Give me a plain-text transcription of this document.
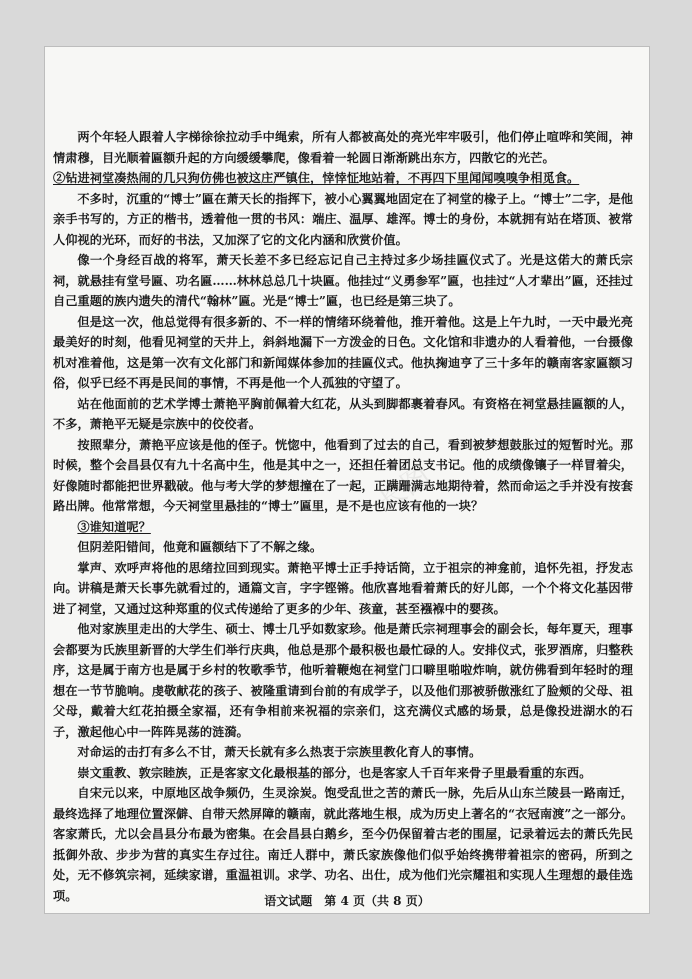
两个年轻人跟着人字梯徐徐拉动手中绳索，所有人都被高处的亮光牢牢吸引，他们停止喧哗和笑闹，神情肃穆，目光顺着匾额升起的方向缓缓攀爬，像看着一轮圆日渐渐跳出东方，四散它的光芒。

②钻进祠堂凑热闹的几只狗仿佛也被这庄严镇住，悻悻怔地站着，不再四下里闻闻嗅嗅争相觅食。

不多时，沉重的“博士”匾在萧天长的指挥下，被小心翼翼地固定在了祠堂的椽子上。“博士”二字，是他亲手书写的，方正的楷书，透着他一贯的书风：端庄、温厚、雄浑。博士的身份，本就拥有站在塔顶、被常人仰视的光环，而好的书法，又加深了它的文化内涵和欣赏价值。

像一个身经百战的将军，萧天长差不多已经忘记自己主持过多少场挂匾仪式了。光是这偌大的萧氏宗祠，就悬挂有堂号匾、功名匾……林林总总几十块匾。他挂过“义勇参军”匾，也挂过“人才辈出”匾，还挂过自己重题的族内遗失的清代“翰林”匾。光是“博士”匾，也已经是第三块了。

但是这一次，他总觉得有很多新的、不一样的情绪环绕着他，推开着他。这是上午九时，一天中最光亮最美好的时刻，他看见祠堂的天井上，斜斜地漏下一方泼金的日色。文化馆和非遗办的人看着他，一台摄像机对准着他，这是第一次有文化部门和新闻媒体参加的挂匾仪式。他执掬迪亨了三十多年的赣南客家匾额习俗，似乎已经不再是民间的事情，不再是他一个人孤独的守望了。

站在他面前的艺术学博士萧艳平胸前佩着大红花，从头到脚都裹着春风。有资格在祠堂悬挂匾额的人，不多，萧艳平无疑是宗族中的佼佼者。

按照辈分，萧艳平应该是他的侄子。恍惚中，他看到了过去的自己，看到被梦想鼓胀过的短暂时光。那时候，整个会昌县仅有九十名高中生，他是其中之一，还担任着团总支书记。他的成绩像镶子一样冒着尖，好像随时都能把世界戳破。他与考大学的梦想撞在了一起，正蹒跚满志地期待着，然而命运之手并没有按套路出牌。他常常想，今天祠堂里悬挂的“博士”匾里，是不是也应该有他的一块？

③谁知道呢？

但阴差阳错间，他竟和匾额结下了不解之缘。

掌声、欢呼声将他的思绪拉回到现实。萧艳平博士正手持话筒，立于祖宗的神龛前，追怀先祖，抒发志向。讲稿是萧天长事先就看过的，通篇文言，字字铿锵。他欣喜地看着萧氏的好儿郎，一个个将文化基因带进了祠堂，又通过这种郑重的仪式传递给了更多的少年、孩童，甚至襁褓中的婴孩。

他对家族里走出的大学生、硕士、博士几乎如数家珍。他是萧氏宗祠理事会的副会长，每年夏天，理事会都要为氏族里新晋的大学生们举行庆典，他总是那个最积极也最忙碌的人。安排仪式，张罗酒席，归整秩序，这是属于南方也是属于乡村的牧歌季节，他听着鞭炮在祠堂门口噼里啪啦炸响，就仿佛看到年轻时的理想在一节节脆响。虔敬献花的孩子、被隆重请到台前的有成学子，以及他们那被骄傲涨红了脸颊的父母、祖父母，戴着大红花拍摄全家福，还有争相前来祝福的宗亲们，这充满仪式感的场景，总是像投进湖水的石子，激起他心中一阵阵晃荡的涟漪。

对命运的击打有多么不甘，萧天长就有多么热衷于宗族里教化育人的事情。

崇文重教、敦宗睦族，正是客家文化最根基的部分，也是客家人千百年来骨子里最看重的东西。

自宋元以来，中原地区战争频仍，生灵涂炭。饱受乱世之苦的萧氏一脉，先后从山东兰陵县一路南迁，最终选择了地理位置深僻、自带天然屏障的赣南，就此落地生根，成为历史上著名的“衣冠南渡”之一部分。客家萧氏，尤以会昌县分布最为密集。在会昌县白鹅乡，至今仍保留着古老的围屋，记录着远去的萧氏先民抵御外敌、步步为营的真实生存过往。南迁人群中，萧氏家族像他们似乎始终携带着祖宗的密码，所到之处，无不修筑宗祠，延续家谱，重温祖训。求学、功名、出仕，成为他们光宗耀祖和实现人生理想的最佳选项。

长图
语文试题　第 4 页（共 8 页）
